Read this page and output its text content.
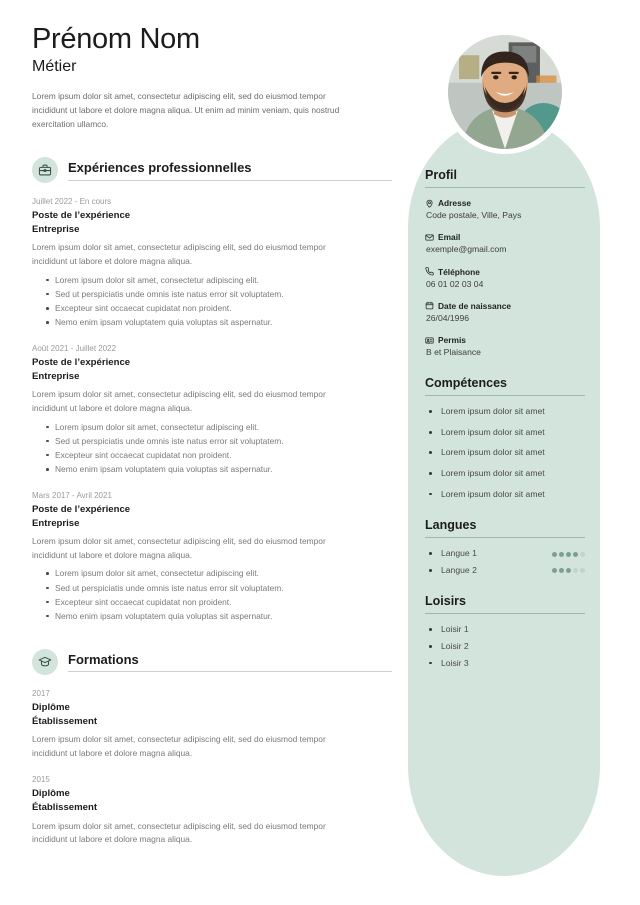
Prénom Nom
Métier

Lorem ipsum dolor sit amet, consectetur adipiscing elit, sed do eiusmod tempor incididunt ut labore et dolore magna aliqua. Ut enim ad minim veniam, quis nostrud exercitation ullamco.

Expériences professionnelles
Juillet 2022 - En cours
Poste de l’expérience
Entreprise
Lorem ipsum dolor sit amet, consectetur adipiscing elit, sed do eiusmod tempor incididunt ut labore et dolore magna aliqua.
Lorem ipsum dolor sit amet, consectetur adipiscing elit.
Sed ut perspiciatis unde omnis iste natus error sit voluptatem.
Excepteur sint occaecat cupidatat non proident.
Nemo enim ipsam voluptatem quia voluptas sit aspernatur.
Août 2021 - Juillet 2022
Poste de l’expérience
Entreprise
Lorem ipsum dolor sit amet, consectetur adipiscing elit, sed do eiusmod tempor incididunt ut labore et dolore magna aliqua.
Lorem ipsum dolor sit amet, consectetur adipiscing elit.
Sed ut perspiciatis unde omnis iste natus error sit voluptatem.
Excepteur sint occaecat cupidatat non proident.
Nemo enim ipsam voluptatem quia voluptas sit aspernatur.
Mars 2017 - Avril 2021
Poste de l’expérience
Entreprise
Lorem ipsum dolor sit amet, consectetur adipiscing elit, sed do eiusmod tempor incididunt ut labore et dolore magna aliqua.
Lorem ipsum dolor sit amet, consectetur adipiscing elit.
Sed ut perspiciatis unde omnis iste natus error sit voluptatem.
Excepteur sint occaecat cupidatat non proident.
Nemo enim ipsam voluptatem quia voluptas sit aspernatur.
Formations
2017
Diplôme
Établissement
Lorem ipsum dolor sit amet, consectetur adipiscing elit, sed do eiusmod tempor incididunt ut labore et dolore magna aliqua.
2015
Diplôme
Établissement
Lorem ipsum dolor sit amet, consectetur adipiscing elit, sed do eiusmod tempor incididunt ut labore et dolore magna aliqua.
Profil
Adresse
Code postale, Ville, Pays
Email
exemple@gmail.com
Téléphone
06 01 02 03 04
Date de naissance
26/04/1996
Permis
B et Plaisance
Compétences
Lorem ipsum dolor sit amet
Lorem ipsum dolor sit amet
Lorem ipsum dolor sit amet
Lorem ipsum dolor sit amet
Lorem ipsum dolor sit amet
Langues
Langue 1
Langue 2
Loisirs
Loisir 1
Loisir 2
Loisir 3
